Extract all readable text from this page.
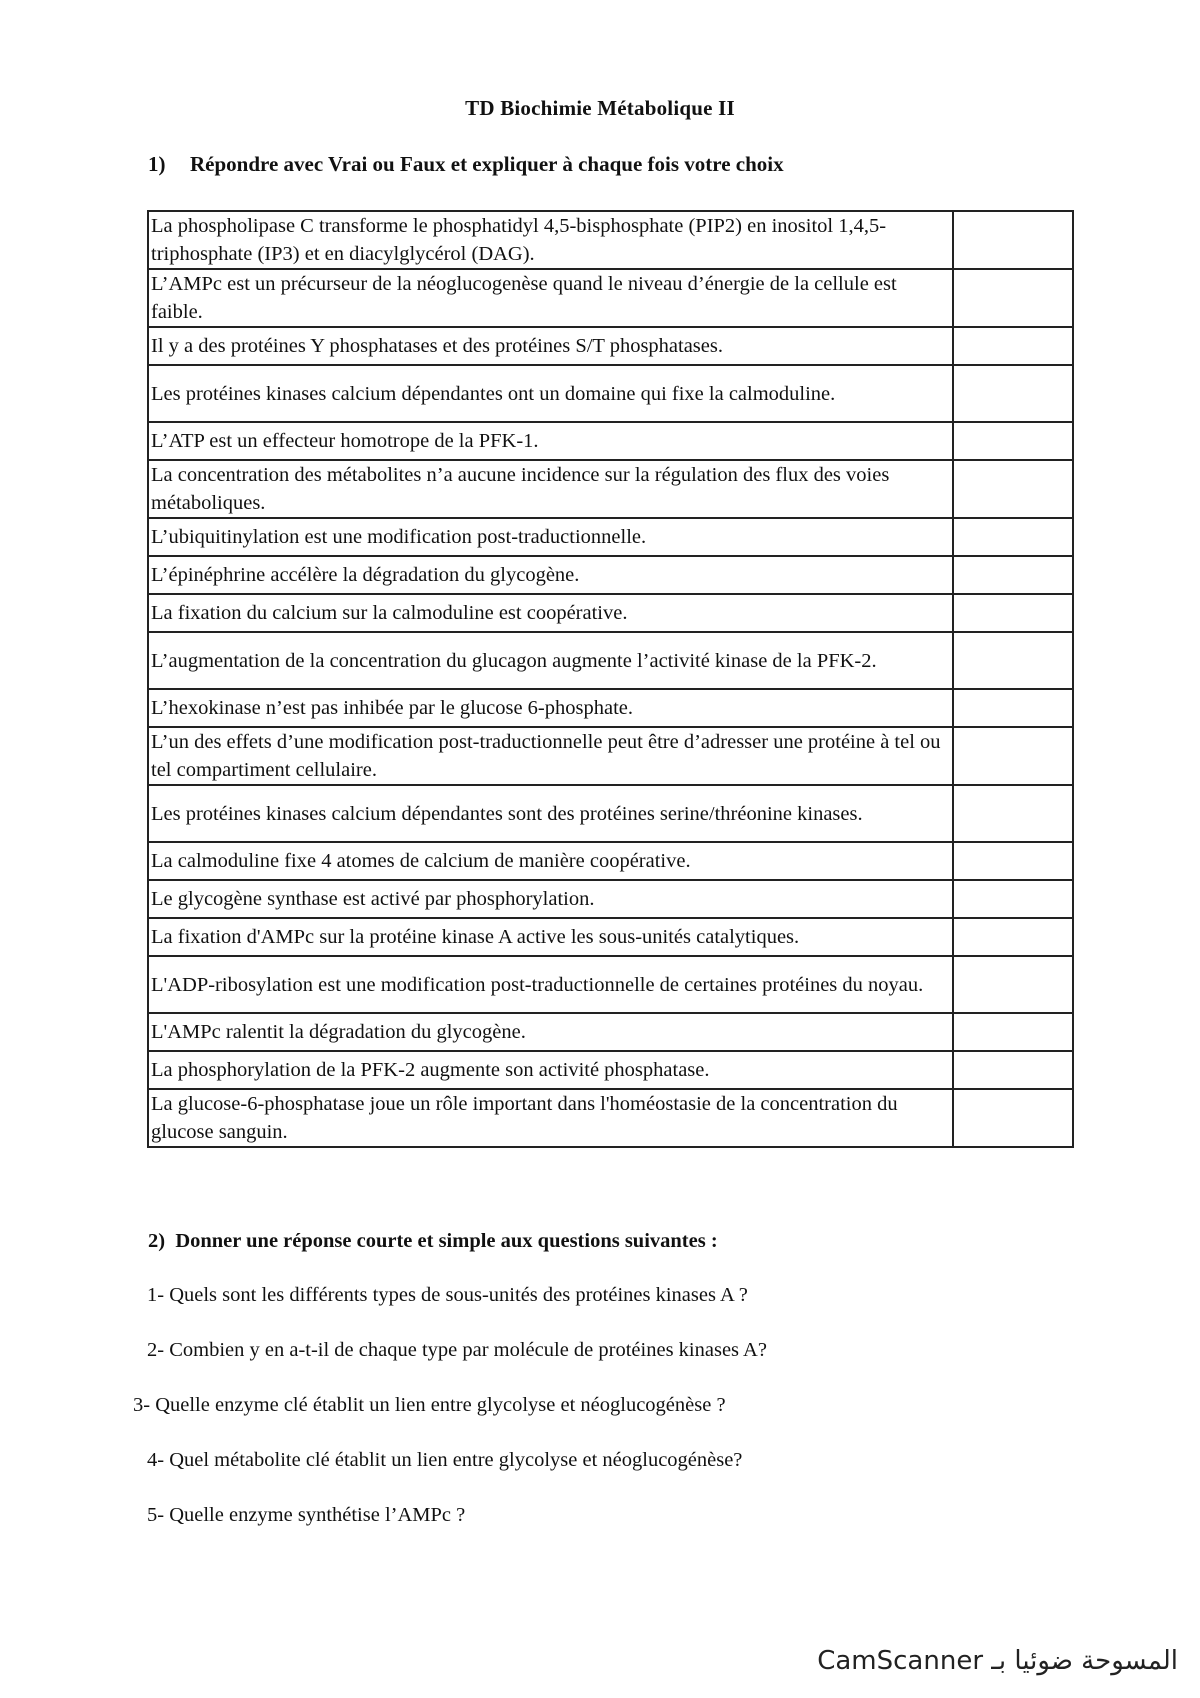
TD Biochimie Métabolique II
1) Répondre avec Vrai ou Faux et expliquer à chaque fois votre choix
La phospholipase C transforme le phosphatidyl 4,5-bisphosphate (PIP2) en inositol 1,4,5-triphosphate (IP3) et en diacylglycérol (DAG).	
L’AMPc est un précurseur de la néoglucogenèse quand le niveau d’énergie de la cellule est faible.	
Il y a des protéines Y phosphatases et des protéines S/T phosphatases.	
Les protéines kinases calcium dépendantes ont un domaine qui fixe la calmoduline.	
L’ATP est un effecteur homotrope de la PFK-1.	
La concentration des métabolites n’a aucune incidence sur la régulation des flux des voies métaboliques.	
L’ubiquitinylation est une modification post-traductionnelle.	
L’épinéphrine accélère la dégradation du glycogène.	
La fixation du calcium sur la calmoduline est coopérative.	
L’augmentation de la concentration du glucagon augmente l’activité kinase de la PFK-2.	
L’hexokinase n’est pas inhibée par le glucose 6-phosphate.	
L’un des effets d’une modification post-traductionnelle peut être d’adresser une protéine à tel ou tel compartiment cellulaire.	
Les protéines kinases calcium dépendantes sont des protéines serine/thréonine kinases.	
La calmoduline fixe 4 atomes de calcium de manière coopérative.	
Le glycogène synthase est activé par phosphorylation.	
La fixation d'AMPc sur la protéine kinase A active les sous-unités catalytiques.	
L'ADP-ribosylation est une modification post-traductionnelle de certaines protéines du noyau.	
L'AMPc ralentit la dégradation du glycogène.	
La phosphorylation de la PFK-2 augmente son activité phosphatase.	
La glucose-6-phosphatase joue un rôle important dans l'homéostasie de la concentration du glucose sanguin.	
2) Donner une réponse courte et simple aux questions suivantes :
1- Quels sont les différents types de sous-unités des protéines kinases A ?
2- Combien y en a-t-il de chaque type par molécule de protéines kinases A?
3- Quelle enzyme clé établit un lien entre glycolyse et néoglucogénèse ?
4- Quel métabolite clé établit un lien entre glycolyse et néoglucogénèse?
5- Quelle enzyme synthétise l’AMPc ?
CamScanner المسوحة ضوئيا بـ
